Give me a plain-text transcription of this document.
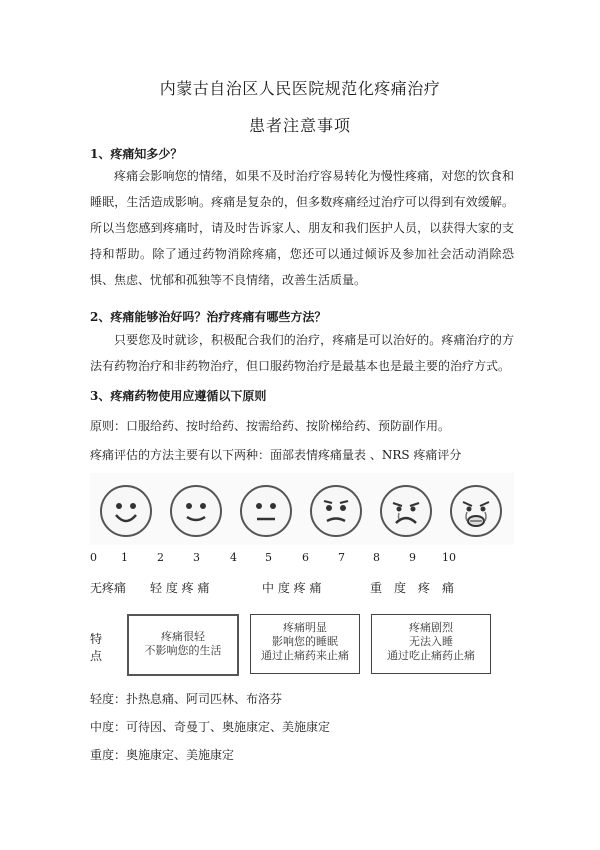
内蒙古自治区人民医院规范化疼痛治疗
患者注意事项
1、疼痛知多少？

疼痛会影响您的情绪，如果不及时治疗容易转化为慢性疼痛，对您的饮食和睡眠，生活造成影响。疼痛是复杂的，但多数疼痛经过治疗可以得到有效缓解。所以当您感到疼痛时，请及时告诉家人、朋友和我们医护人员，以获得大家的支持和帮助。除了通过药物消除疼痛，您还可以通过倾诉及参加社会活动消除恐惧、焦虑、忧郁和孤独等不良情绪，改善生活质量。

2、疼痛能够治好吗？治疗疼痛有哪些方法？

只要您及时就诊，积极配合我们的治疗，疼痛是可以治好的。疼痛治疗的方法有药物治疗和非药物治疗，但口服药物治疗是最基本也是最主要的治疗方式。

3、疼痛药物使用应遵循以下原则
原则：口服给药、按时给药、按需给药、按阶梯给药、预防副作用。
疼痛评估的方法主要有以下两种：面部表情疼痛量表 、NRS 疼痛评分
0 1	2	3	4	5	6	7	8	9 10
无疼痛 轻 度 疼 痛	中 度 疼 痛	重　度　疼　痛
特点
疼痛很轻
不影响您的生活
疼痛明显
影响您的睡眠
通过止痛药来止痛
疼痛剧烈
无法入睡
通过吃止痛药止痛
轻度：扑热息痛、阿司匹林、布洛芬
中度：可待因、奇曼丁、奥施康定、美施康定
重度：奥施康定、美施康定
